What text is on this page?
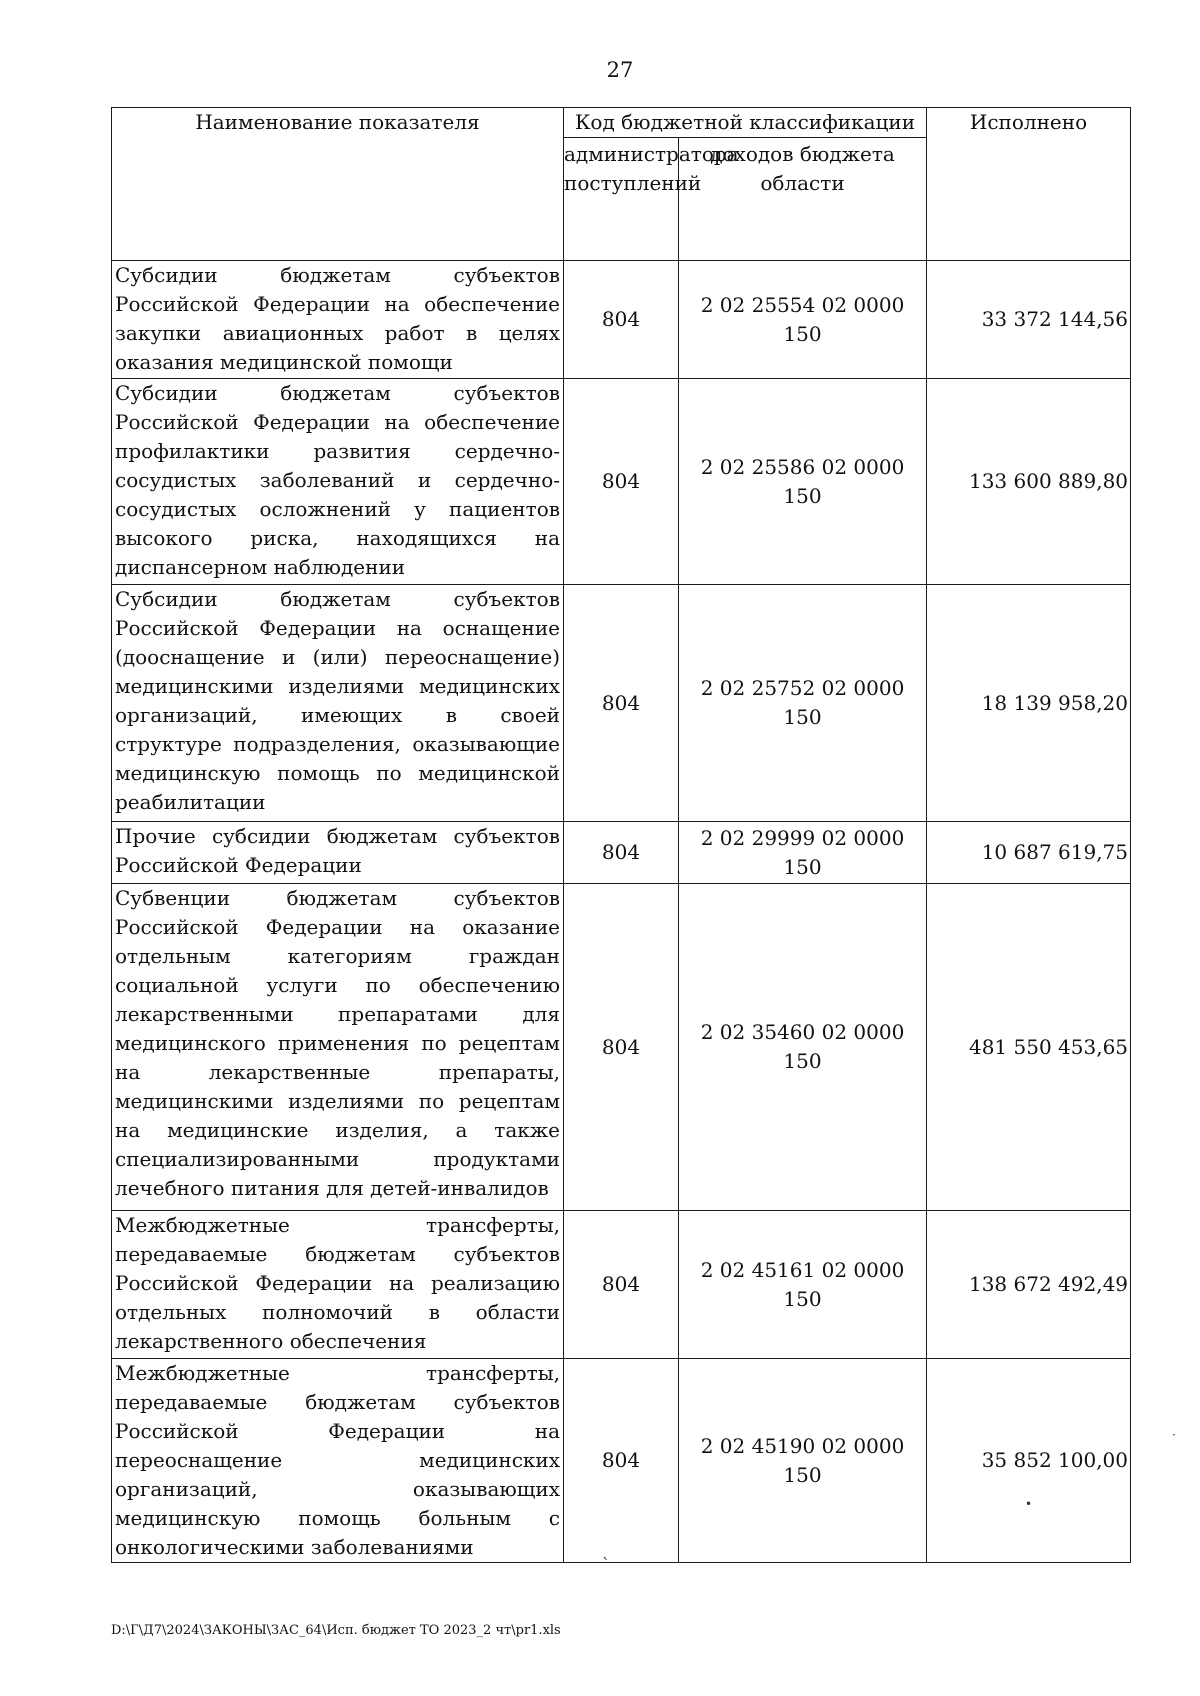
27
Наименование показателя	Код бюджетной классификации		Исполнено
	администратора поступлений	доходов бюджета области	
Субсидии бюджетам субъектов Российской Федерации на обеспечение закупки авиационных работ в целях оказания медицинской помощи	804	2 02 25554 02 0000 150	33 372 144,56
Субсидии бюджетам субъектов Российской Федерации на обеспечение профилактики развития сердечно-сосудистых заболеваний и сердечно-сосудистых осложнений у пациентов высокого риска, находящихся на диспансерном наблюдении	804	2 02 25586 02 0000 150	133 600 889,80
Субсидии бюджетам субъектов Российской Федерации на оснащение (дооснащение и (или) переоснащение) медицинскими изделиями медицинских организаций, имеющих в своей структуре подразделения, оказывающие медицинскую помощь по медицинской реабилитации	804	2 02 25752 02 0000 150	18 139 958,20
Прочие субсидии бюджетам субъектов Российской Федерации	804	2 02 29999 02 0000 150	10 687 619,75
Субвенции бюджетам субъектов Российской Федерации на оказание отдельным категориям граждан социальной услуги по обеспечению лекарственными препаратами для медицинского применения по рецептам на лекарственные препараты, медицинскими изделиями по рецептам на медицинские изделия, а также специализированными продуктами лечебного питания для детей-инвалидов	804	2 02 35460 02 0000 150	481 550 453,65
Межбюджетные трансферты, передаваемые бюджетам субъектов Российской Федерации на реализацию отдельных полномочий в области лекарственного обеспечения	804	2 02 45161 02 0000 150	138 672 492,49
Межбюджетные трансферты, передаваемые бюджетам субъектов Российской Федерации на переоснащение медицинских организаций, оказывающих медицинскую помощь больным с онкологическими заболеваниями	804	2 02 45190 02 0000 150	35 852 100,00
•
·
`
D:\Г\Д7\2024\ЗАКОНЫ\ЗАС_64\Исп. бюджет ТО 2023_2 чт\pr1.xls
